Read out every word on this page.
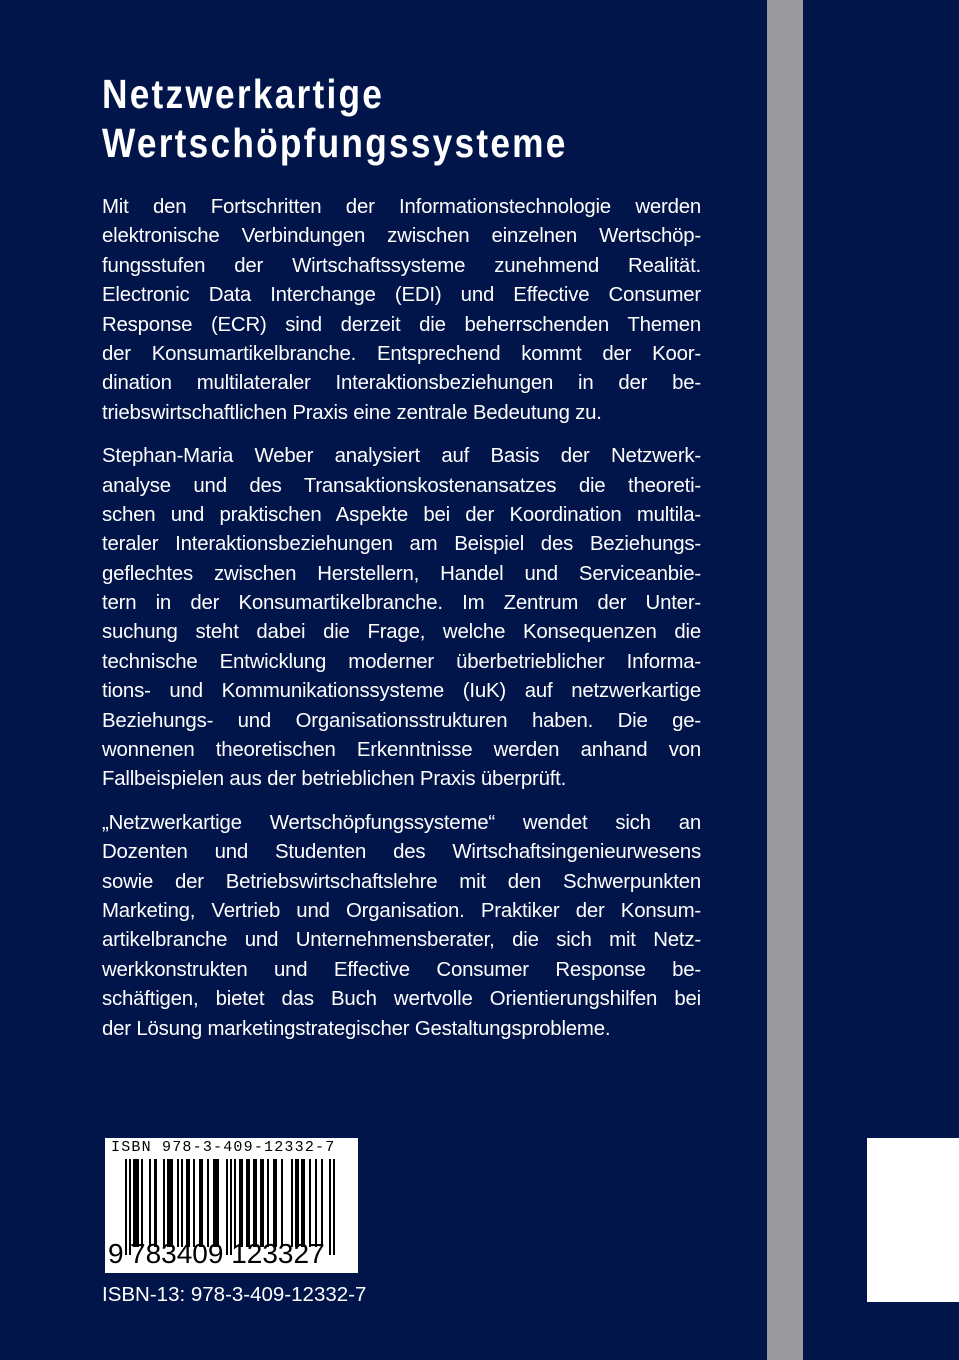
Netzwerkartige
Wertschöpfungssysteme
Mit den Fortschritten der Informationstechnologie werden
elektronische Verbindungen zwischen einzelnen Wertschöp-
fungsstufen der Wirtschaftssysteme zunehmend Realität.
Electronic Data Interchange (EDI) und Effective Consumer
Response (ECR) sind derzeit die beherrschenden Themen
der Konsumartikelbranche. Entsprechend kommt der Koor-
dination multilateraler Interaktionsbeziehungen in der be-
triebswirtschaftlichen Praxis eine zentrale Bedeutung zu.
Stephan-Maria Weber analysiert auf Basis der Netzwerk-
analyse und des Transaktionskostenansatzes die theoreti-
schen und praktischen Aspekte bei der Koordination multila-
teraler Interaktionsbeziehungen am Beispiel des Beziehungs-
geflechtes zwischen Herstellern, Handel und Serviceanbie-
tern in der Konsumartikelbranche. Im Zentrum der Unter-
suchung steht dabei die Frage, welche Konsequenzen die
technische Entwicklung moderner überbetrieblicher Informa-
tions- und Kommunikationssysteme (IuK) auf netzwerkartige
Beziehungs- und Organisationsstrukturen haben. Die ge-
wonnenen theoretischen Erkenntnisse werden anhand von
Fallbeispielen aus der betrieblichen Praxis überprüft.
„Netzwerkartige Wertschöpfungssysteme“ wendet sich an
Dozenten und Studenten des Wirtschaftsingenieurwesens
sowie der Betriebswirtschaftslehre mit den Schwerpunkten
Marketing, Vertrieb und Organisation. Praktiker der Konsum-
artikelbranche und Unternehmensberater, die sich mit Netz-
werkkonstrukten und Effective Consumer Response be-
schäftigen, bietet das Buch wertvolle Orientierungshilfen bei
der Lösung marketingstrategischer Gestaltungsprobleme.
ISBN 978-3-409-12332-7
9 783409 123327
ISBN-13: 978-3-409-12332-7
